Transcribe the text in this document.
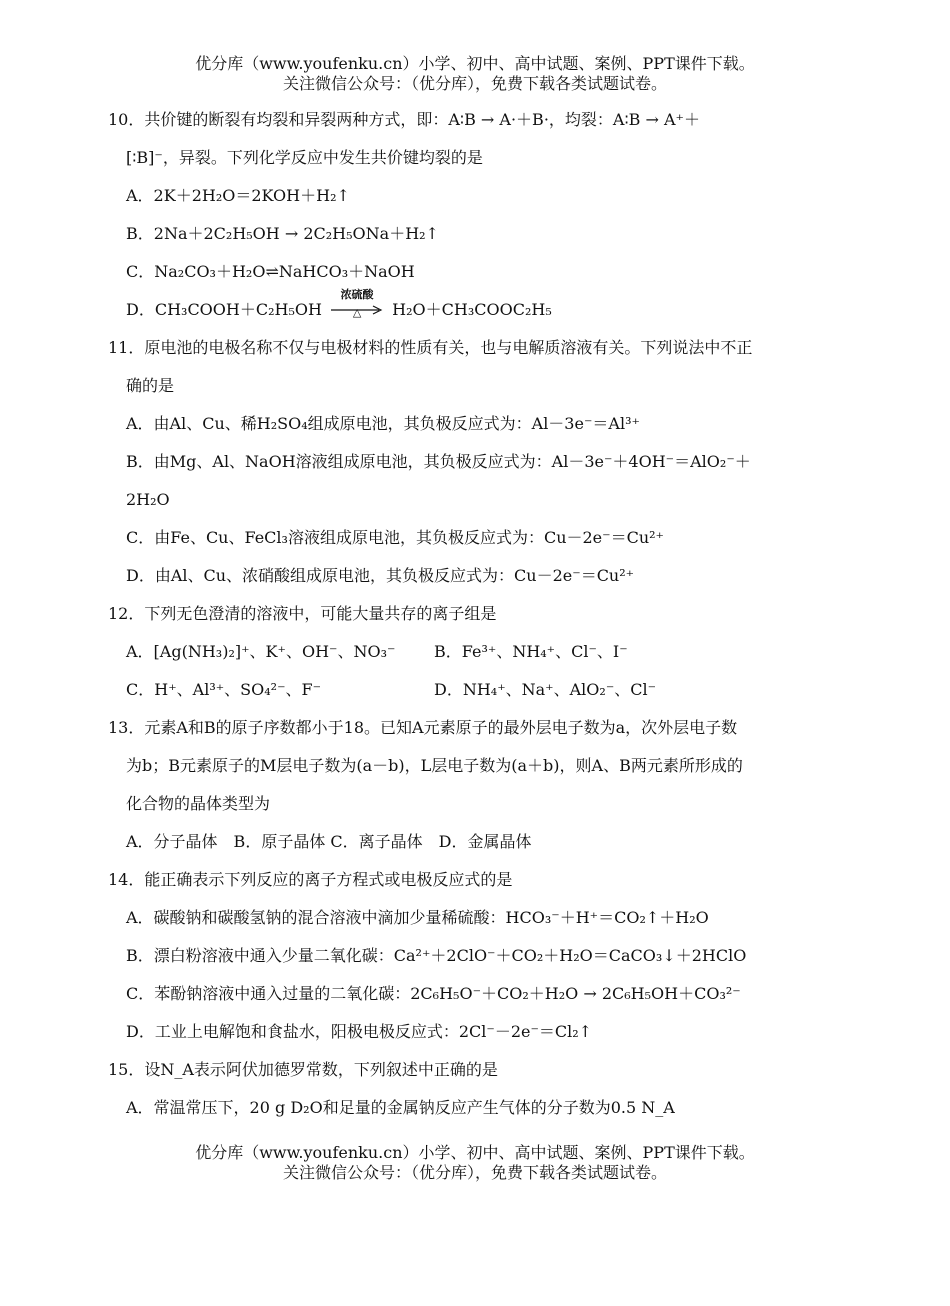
优分库（www.youfenku.cn）小学、初中、高中试题、案例、PPT课件下载。
关注微信公众号：（优分库），免费下载各类试题试卷。
10．共价键的断裂有均裂和异裂两种方式，即：A∶B → A·＋B·，均裂：A∶B → A⁺＋
[∶B]⁻，异裂。下列化学反应中发生共价键均裂的是
A．2K＋2H₂O＝2KOH＋H₂↑
B．2Na＋2C₂H₅OH → 2C₂H₅ONa＋H₂↑
C．Na₂CO₃＋H₂O⇌NaHCO₃＋NaOH
D．CH₃COOH＋C₂H₅OH
浓硫酸
△	H₂O＋CH₃COOC₂H₅
11．原电池的电极名称不仅与电极材料的性质有关，也与电解质溶液有关。下列说法中不正
确的是
A．由Al、Cu、稀H₂SO₄组成原电池，其负极反应式为：Al－3e⁻＝Al³⁺
B．由Mg、Al、NaOH溶液组成原电池，其负极反应式为：Al－3e⁻＋4OH⁻＝AlO₂⁻＋
2H₂O
C．由Fe、Cu、FeCl₃溶液组成原电池，其负极反应式为：Cu－2e⁻＝Cu²⁺
D．由Al、Cu、浓硝酸组成原电池，其负极反应式为：Cu－2e⁻＝Cu²⁺
12．下列无色澄清的溶液中，可能大量共存的离子组是
A．[Ag(NH₃)₂]⁺、K⁺、OH⁻、NO₃⁻ B．Fe³⁺、NH₄⁺、Cl⁻、I⁻
C．H⁺、Al³⁺、SO₄²⁻、F⁻	D．NH₄⁺、Na⁺、AlO₂⁻、Cl⁻
13．元素A和B的原子序数都小于18。已知A元素原子的最外层电子数为a，次外层电子数
为b；B元素原子的M层电子数为(a－b)，L层电子数为(a＋b)，则A、B两元素所形成的
化合物的晶体类型为
A．分子晶体　B．原子晶体 C．离子晶体　D．金属晶体
14．能正确表示下列反应的离子方程式或电极反应式的是
A．碳酸钠和碳酸氢钠的混合溶液中滴加少量稀硫酸：HCO₃⁻＋H⁺＝CO₂↑＋H₂O
B．漂白粉溶液中通入少量二氧化碳：Ca²⁺＋2ClO⁻＋CO₂＋H₂O＝CaCO₃↓＋2HClO
C．苯酚钠溶液中通入过量的二氧化碳：2C₆H₅O⁻＋CO₂＋H₂O → 2C₆H₅OH＋CO₃²⁻
D．工业上电解饱和食盐水，阳极电极反应式：2Cl⁻－2e⁻＝Cl₂↑
15．设N_A表示阿伏加德罗常数，下列叙述中正确的是
A．常温常压下，20 g D₂O和足量的金属钠反应产生气体的分子数为0.5 N_A
优分库（www.youfenku.cn）小学、初中、高中试题、案例、PPT课件下载。
关注微信公众号：（优分库），免费下载各类试题试卷。
